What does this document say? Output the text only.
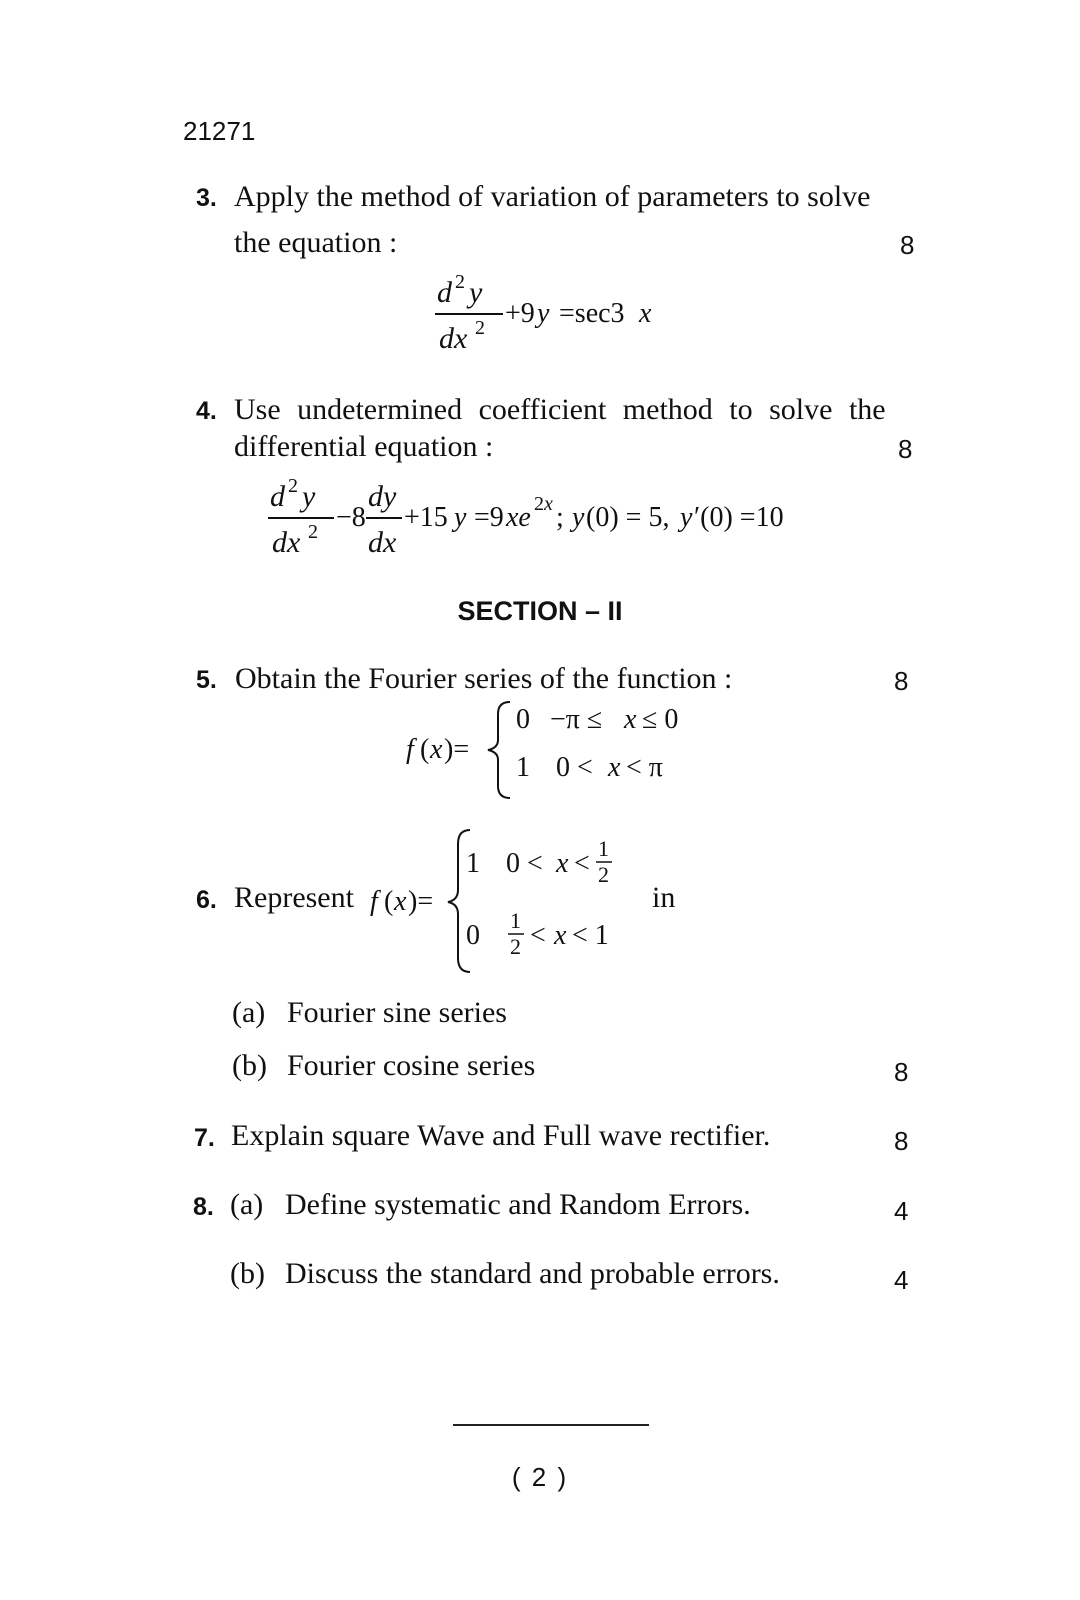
21271
3. Apply the method of variation of parameters to solve
the equation :	8
d 2 y
dx 2 +9 y =sec3 x
4. Use undetermined coefficient method to solve the
differential equation :	8
d 2 y
dx 2 −8
dy
dx
+15 y =9 xe 2 x ; y (0) = 5, y ′(0) =10
SECTION – II
5. Obtain the Fourier series of the function :	8
f ( x )=
0 −π ≤ x ≤ 0
1 0 < x < π
6. Represent f ( x )=
1 0 < x < 1
2
0 1
2 < x < 1
in
(a) Fourier sine series
(b) Fourier cosine series	8
7. Explain square Wave and Full wave rectifier.	8
8. (a) Define systematic and Random Errors.	4
(b) Discuss the standard and probable errors.	4
( 2 )
